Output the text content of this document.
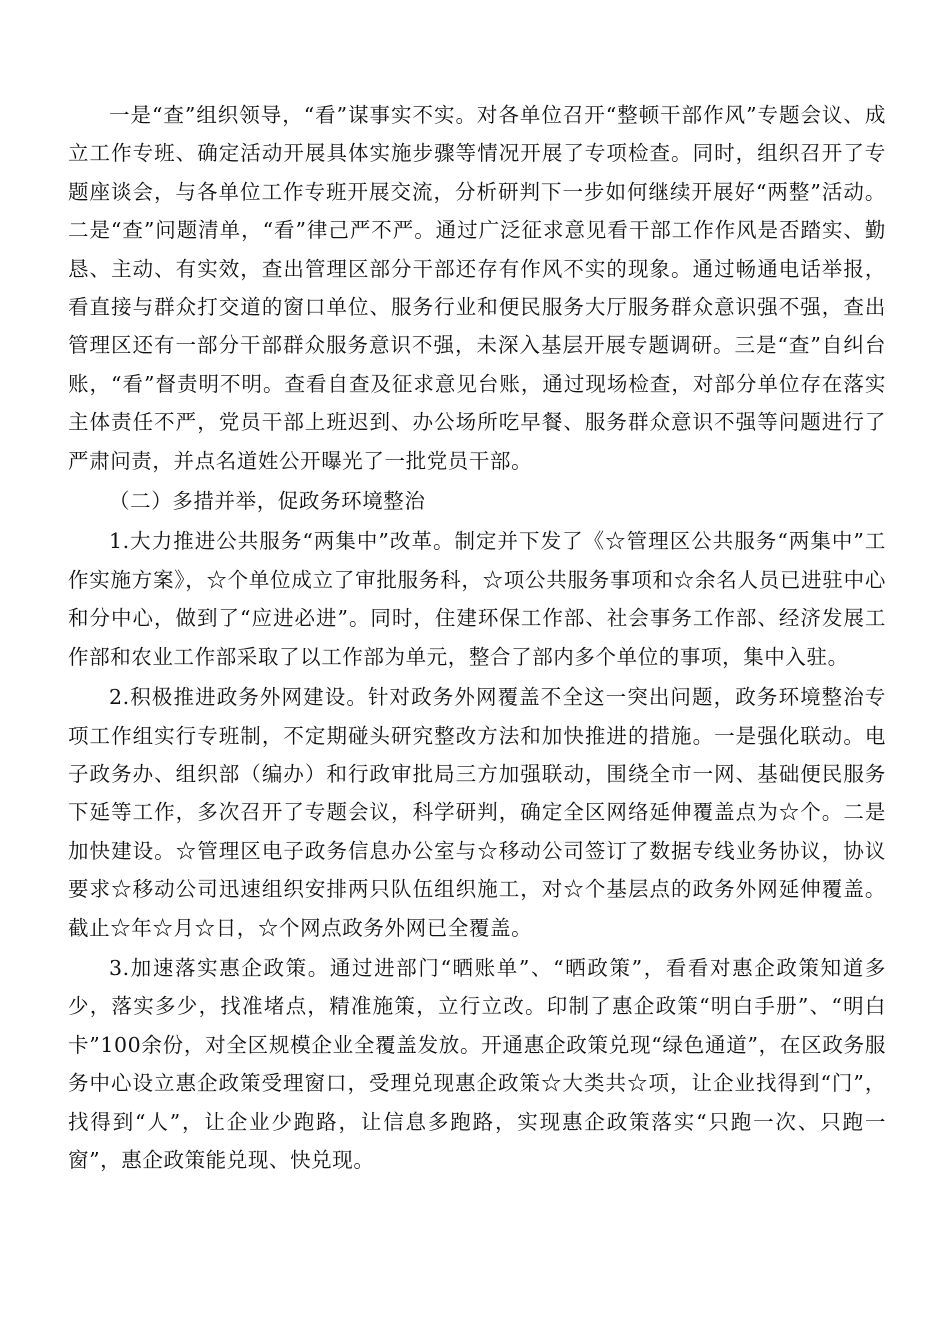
一是“查”组织领导，“看”谋事实不实。对各单位召开“整顿干部作风”专题会议、成立工作专班、确定活动开展具体实施步骤等情况开展了专项检查。同时，组织召开了专题座谈会，与各单位工作专班开展交流，分析研判下一步如何继续开展好“两整”活动。二是“查”问题清单，“看”律己严不严。通过广泛征求意见看干部工作作风是否踏实、勤恳、主动、有实效，查出管理区部分干部还存有作风不实的现象。通过畅通电话举报，看直接与群众打交道的窗口单位、服务行业和便民服务大厅服务群众意识强不强，查出管理区还有一部分干部群众服务意识不强，未深入基层开展专题调研。三是“查”自纠台账，“看”督责明不明。查看自查及征求意见台账，通过现场检查，对部分单位存在落实主体责任不严，党员干部上班迟到、办公场所吃早餐、服务群众意识不强等问题进行了严肃问责，并点名道姓公开曝光了一批党员干部。

（二）多措并举，促政务环境整治

1.大力推进公共服务“两集中”改革。制定并下发了《☆管理区公共服务“两集中”工作实施方案》，☆个单位成立了审批服务科，☆项公共服务事项和☆余名人员已进驻中心和分中心，做到了“应进必进”。同时，住建环保工作部、社会事务工作部、经济发展工作部和农业工作部采取了以工作部为单元，整合了部内多个单位的事项，集中入驻。

2.积极推进政务外网建设。针对政务外网覆盖不全这一突出问题，政务环境整治专项工作组实行专班制，不定期碰头研究整改方法和加快推进的措施。一是强化联动。电子政务办、组织部（编办）和行政审批局三方加强联动，围绕全市一网、基础便民服务下延等工作，多次召开了专题会议，科学研判，确定全区网络延伸覆盖点为☆个。二是加快建设。☆管理区电子政务信息办公室与☆移动公司签订了数据专线业务协议，协议要求☆移动公司迅速组织安排两只队伍组织施工，对☆个基层点的政务外网延伸覆盖。截止☆年☆月☆日，☆个网点政务外网已全覆盖。

3.加速落实惠企政策。通过进部门“晒账单”、“晒政策”，看看对惠企政策知道多少，落实多少，找准堵点，精准施策，立行立改。印制了惠企政策“明白手册”、“明白卡”100余份，对全区规模企业全覆盖发放。开通惠企政策兑现“绿色通道”，在区政务服务中心设立惠企政策受理窗口，受理兑现惠企政策☆大类共☆项，让企业找得到“门”，找得到“人”，让企业少跑路，让信息多跑路，实现惠企政策落实“只跑一次、只跑一窗”，惠企政策能兑现、快兑现。
